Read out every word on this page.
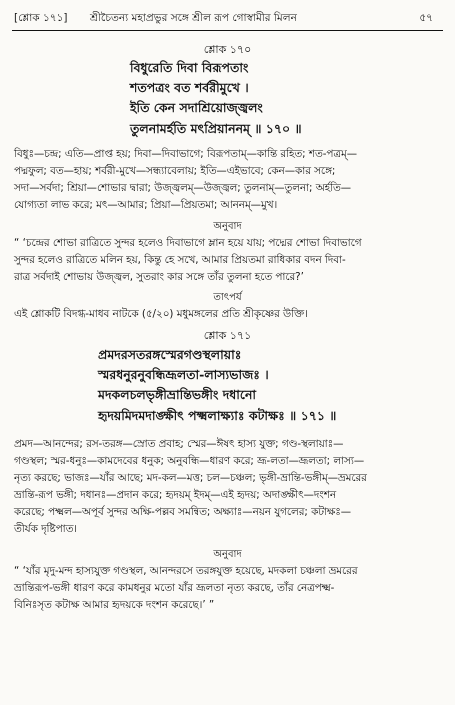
[শ্লোক ১৭১] শ্রীচৈতন্য মহাপ্রভুর সঙ্গে শ্রীল রূপ গোস্বামীর মিলন	৫৭
শ্লোক ১৭০
বিধুরেতি দিবা বিরূপতাং
শতপত্রং বত শর্বরীমুখে ।
ইতি কেন সদাশ্রিয়োজ্জ্বলং
তুলনামর্হতি মৎপ্রিয়াননম্ ॥ ১৭০ ॥
বিধুঃ—চন্দ্র; এতি—প্রাপ্ত হয়; দিবা—দিবাভাগে; বিরূপতাম্—কান্তি রহিত; শত-পত্রম্—
পদ্মফুল; বত—হায়; শর্বরী-মুখে—সন্ধ্যাবেলায়; ইতি—এইভাবে; কেন—কার সঙ্গে;
সদা—সর্বদা; শ্রিয়া—শোভার দ্বারা; উজ্জ্বলম্—উজ্জ্বল; তুলনাম্—তুলনা; অর্হতি—
যোগ্যতা লাভ করে; মৎ—আমার; প্রিয়া—প্রিয়তমা; আননম্—মুখ।
অনুবাদ
“ ‘চন্দ্রের শোভা রাত্রিতে সুন্দর হলেও দিবাভাগে ম্লান হয়ে যায়; পদ্মের শোভা দিবাভাগে
সুন্দর হলেও রাত্রিতে মলিন হয়, কিন্তু হে সখে, আমার প্রিয়তমা রাধিকার বদন দিবা-
রাত্র সর্বদাই শোভায় উজ্জ্বল, সুতরাং কার সঙ্গে তাঁর তুলনা হতে পারে?’
তাৎপর্য
এই শ্লোকটি বিদগ্ধ-মাধব নাটকে (৫/২০) মধুমঙ্গলের প্রতি শ্রীকৃষ্ণের উক্তি।
শ্লোক ১৭১
প্রমদরসতরঙ্গস্মেরগণ্ডস্থলায়াঃ
স্মরধনুরনুবন্ধিভ্রূলতা-লাস্যভাজঃ ।
মদকলচলভৃঙ্গীভ্রান্তিভঙ্গীং দধানো
হৃদয়মিদমদাঙ্ক্ষীৎ পক্ষ্মলাক্ষ্যাঃ কটাক্ষঃ ॥ ১৭১ ॥
প্রমদ—আনন্দের; রস-তরঙ্গ—স্রোত প্রবাহ; স্মের—ঈষৎ হাস্য যুক্ত; গণ্ড-স্থলায়াঃ—
গণ্ডস্থল; স্মর-ধনুঃ—কামদেবের ধনুক; অনুবন্ধি—ধারণ করে; ভ্রূ-লতা—ভ্রূলতা; লাস্য—
নৃত্য করছে; ভাজঃ—যাঁর আছে; মদ-কল—মত্ত; চল—চঞ্চল; ভৃঙ্গী-ভ্রান্তি-ভঙ্গীম্—ভ্রমরের
ভ্রান্তি-রূপ ভঙ্গী; দধানঃ—প্রদান করে; হৃদয়ম্ ইদম্—এই হৃদয়; অদাঙ্ক্ষীৎ—দংশন
করেছে; পক্ষ্মল—অপূর্ব সুন্দর অক্ষি-পল্লব সমন্বিত; অক্ষ্যাঃ—নয়ন যুগলের; কটাক্ষঃ—
তীর্যক দৃষ্টিপাত।
অনুবাদ
“ ‘যাঁর মৃদু-মন্দ হাস্যযুক্ত গণ্ডস্থল, আনন্দরসে তরঙ্গযুক্ত হয়েছে, মদকলা চঞ্চলা ভ্রমরের
ভ্রান্তিরূপ-ভঙ্গী ধারণ করে কামধনুর মতো যাঁর ভ্রূলতা নৃত্য করছে, তাঁর নেত্রপক্ষ্ম-
বিনিঃসৃত কটাক্ষ আমার হৃদয়কে দংশন করেছে।’ ”
